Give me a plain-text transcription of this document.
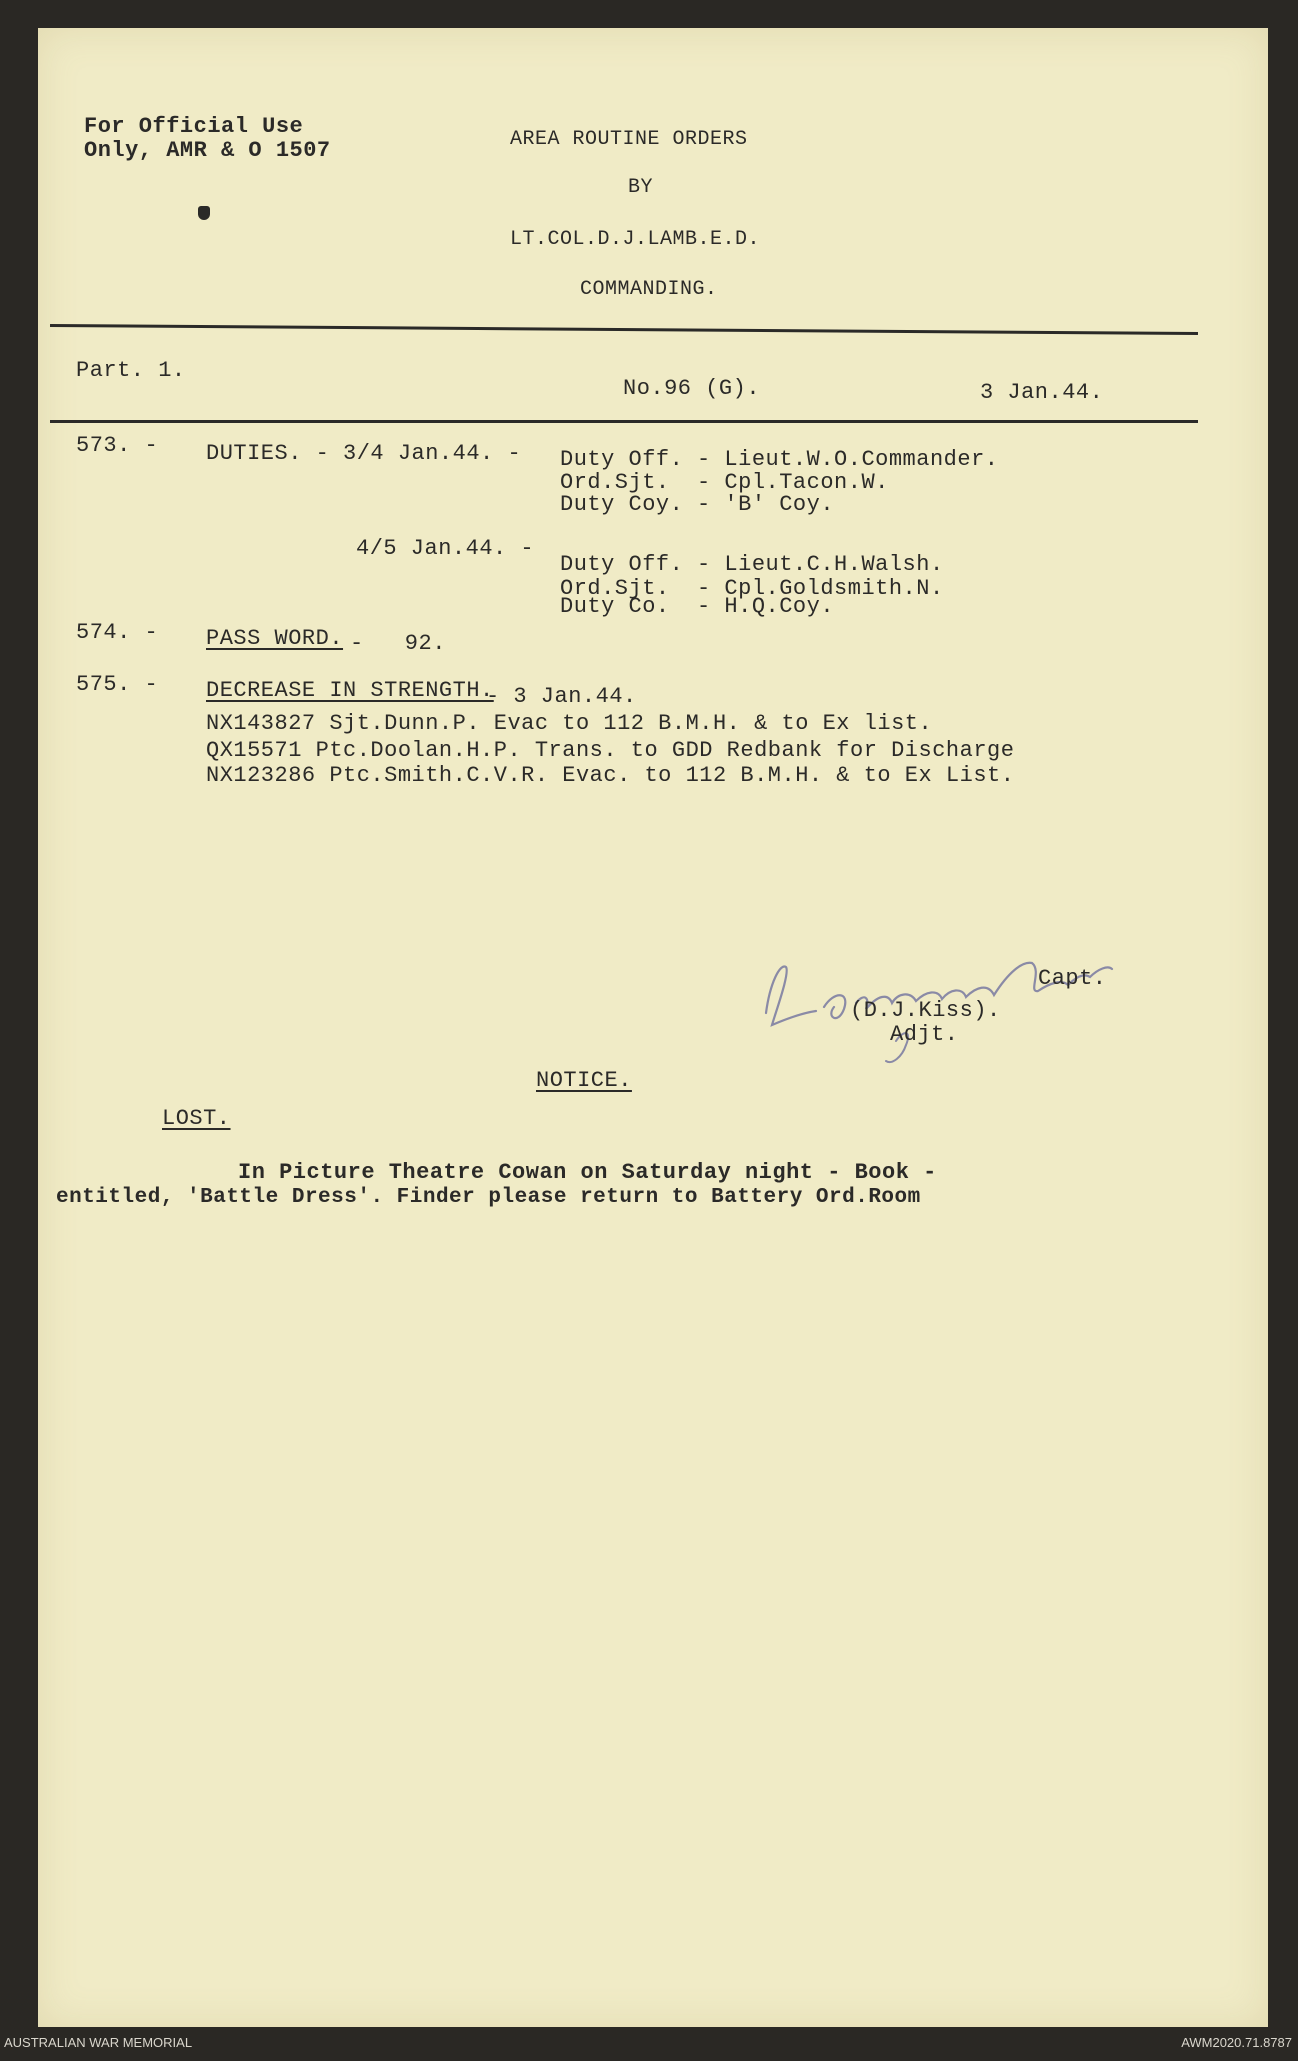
For Official Use
Only, AMR & O 1507	AREA ROUTINE ORDERS
BY
LT.COL.D.J.LAMB.E.D.
COMMANDING.
Part. 1.
No.96 (G).	3 Jan.44.
573. - DUTIES. - 3/4 Jan.44. - Duty Off. - Lieut.W.O.Commander.
Ord.Sjt.  - Cpl.Tacon.W.
Duty Coy. - 'B' Coy.
4/5 Jan.44. -
Duty Off. - Lieut.C.H.Walsh.
Ord.Sjt.  - Cpl.Goldsmith.N.
Duty Co.  - H.Q.Coy.
574. - PASS WORD. -   92.
575. - DECREASE IN STRENGTH.
- 3 Jan.44.
NX143827 Sjt.Dunn.P. Evac to 112 B.M.H. & to Ex list.
QX15571 Ptc.Doolan.H.P. Trans. to GDD Redbank for Discharge
NX123286 Ptc.Smith.C.V.R. Evac. to 112 B.M.H. & to Ex List.
Capt.
(D.J.Kiss).
Adjt.
NOTICE.
LOST.
In Picture Theatre Cowan on Saturday night - Book -
entitled, 'Battle Dress'. Finder please return to Battery Ord.Room
AUSTRALIAN WAR MEMORIAL	AWM2020.71.8787
